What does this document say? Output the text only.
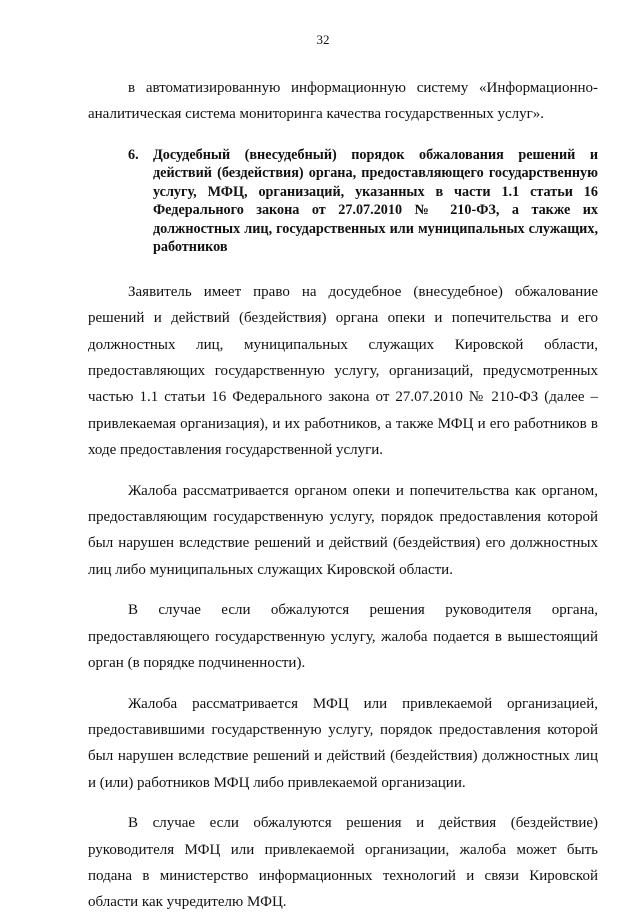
32

в автоматизированную информационную систему «Информационно-аналитическая система мониторинга качества государственных услуг».

6.	Досудебный (внесудебный) порядок обжалования решений и действий (бездействия) органа, предоставляющего государственную услугу, МФЦ, организаций, указанных в части 1.1 статьи 16 Федерального закона от 27.07.2010 № 210-ФЗ, а также их должностных лиц, государственных или муниципальных служащих, работников

Заявитель имеет право на досудебное (внесудебное) обжалование решений и действий (бездействия) органа опеки и попечительства и его должностных лиц, муниципальных служащих Кировской области, предоставляющих государственную услугу, организаций, предусмотренных частью 1.1 статьи 16 Федерального закона от 27.07.2010 № 210-ФЗ (далее – привлекаемая организация), и их работников, а также МФЦ и его работников в ходе предоставления государственной услуги.

Жалоба рассматривается органом опеки и попечительства как органом, предоставляющим государственную услугу, порядок предоставления которой был нарушен вследствие решений и действий (бездействия) его должностных лиц либо муниципальных служащих Кировской области.

В случае если обжалуются решения руководителя органа, предоставляющего государственную услугу, жалоба подается в вышестоящий орган (в порядке подчиненности).

Жалоба рассматривается МФЦ или привлекаемой организацией, предоставившими государственную услугу, порядок предоставления которой был нарушен вследствие решений и действий (бездействия) должностных лиц и (или) работников МФЦ либо привлекаемой организации.

В случае если обжалуются решения и действия (бездействие) руководителя МФЦ или привлекаемой организации, жалоба может быть подана в министерство информационных технологий и связи Кировской области как учредителю МФЦ.
